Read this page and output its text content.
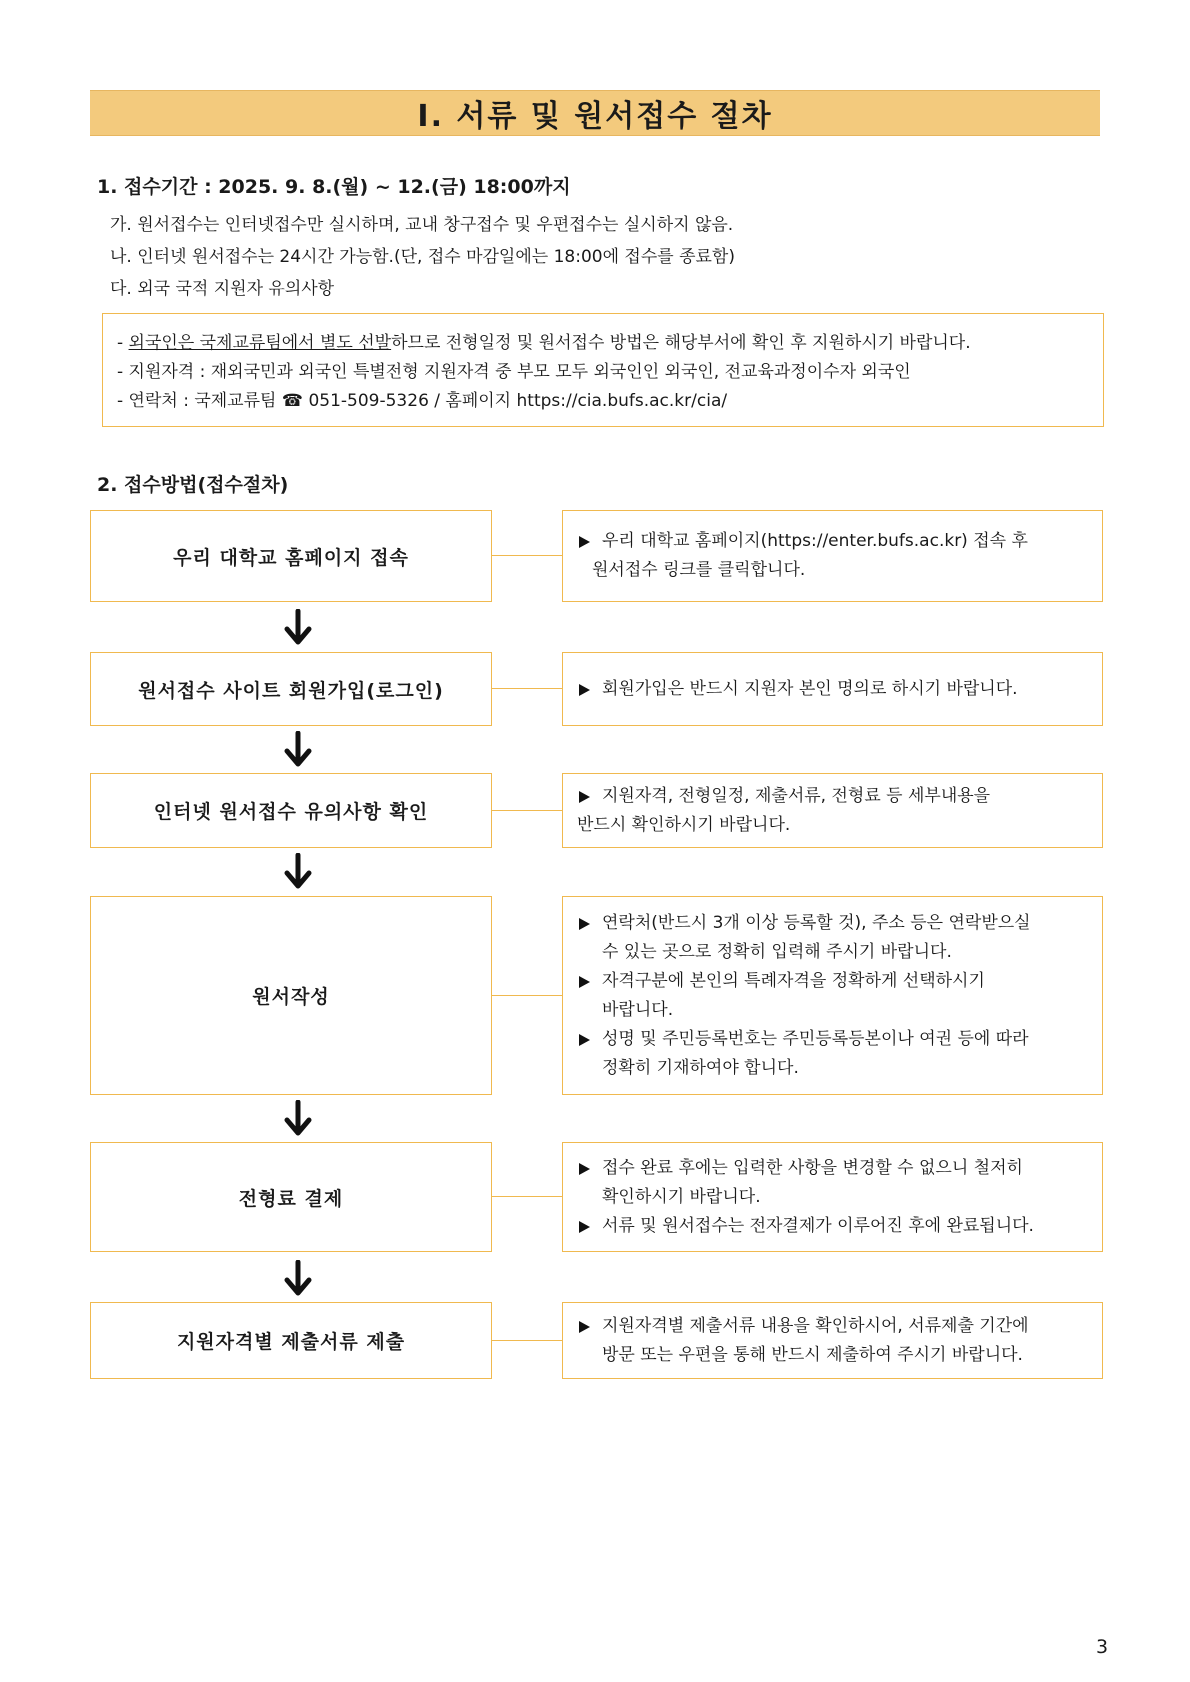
Ⅰ. 서류 및 원서접수 절차
1. 접수기간 : 2025. 9. 8.(월) ~ 12.(금) 18:00까지
가. 원서접수는 인터넷접수만 실시하며, 교내 창구접수 및 우편접수는 실시하지 않음.
나. 인터넷 원서접수는 24시간 가능함.(단, 접수 마감일에는 18:00에 접수를 종료함)
다. 외국 국적 지원자 유의사항
- 외국인은 국제교류팀에서 별도 선발하므로 전형일정 및 원서접수 방법은 해당부서에 확인 후 지원하시기 바랍니다.
- 지원자격 : 재외국민과 외국인 특별전형 지원자격 중 부모 모두 외국인인 외국인, 전교육과정이수자 외국인
- 연락처 : 국제교류팀 ☎ 051-509-5326 / 홈페이지 https://cia.bufs.ac.kr/cia/
2. 접수방법(접수절차)
우리 대학교 홈페이지 접속
우리 대학교 홈페이지(https://enter.bufs.ac.kr) 접속 후
원서접수 링크를 클릭합니다.
원서접수 사이트 회원가입(로그인)	회원가입은 반드시 지원자 본인 명의로 하시기 바랍니다.
인터넷 원서접수 유의사항 확인
지원자격, 전형일정, 제출서류, 전형료 등 세부내용을
반드시 확인하시기 바랍니다.
원서작성
연락처(반드시 3개 이상 등록할 것), 주소 등은 연락받으실
수 있는 곳으로 정확히 입력해 주시기 바랍니다.
자격구분에 본인의 특례자격을 정확하게 선택하시기
바랍니다.
성명 및 주민등록번호는 주민등록등본이나 여권 등에 따라
정확히 기재하여야 합니다.
전형료 결제
접수 완료 후에는 입력한 사항을 변경할 수 없으니 철저히
확인하시기 바랍니다.
서류 및 원서접수는 전자결제가 이루어진 후에 완료됩니다.
지원자격별 제출서류 제출
지원자격별 제출서류 내용을 확인하시어, 서류제출 기간에
방문 또는 우편을 통해 반드시 제출하여 주시기 바랍니다.
3
